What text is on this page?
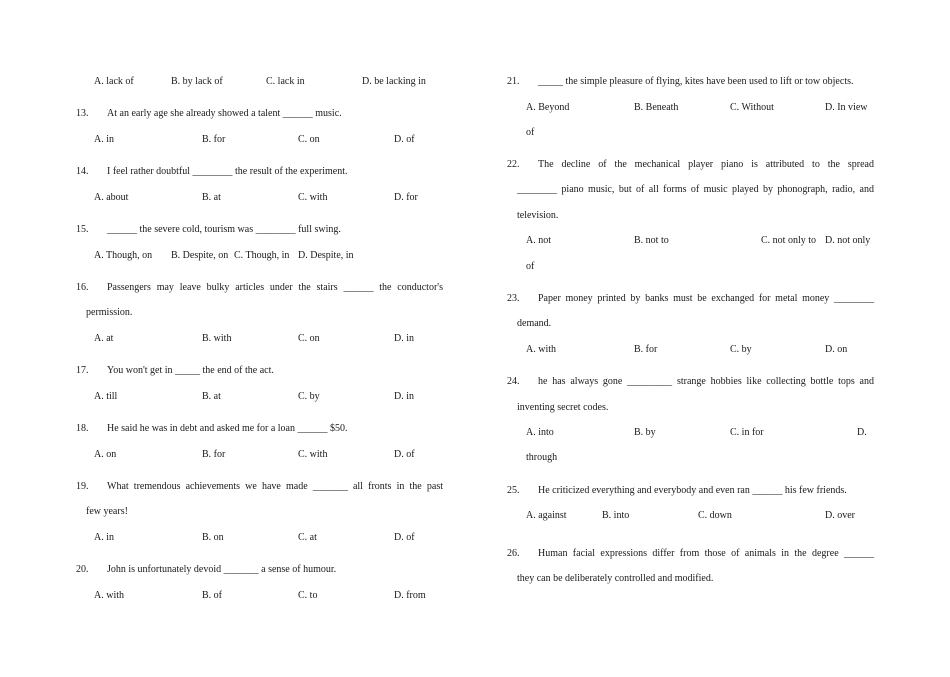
A. lack of	B. by lack of	C. lack in	D. be lacking in
13. At an early age she already showed a talent ______ music.
A. in	B. for	C. on	D. of
14. I feel rather doubtful ________ the result of the experiment.
A. about	B. at	C. with	D. for
15. ______ the severe cold, tourism was ________ full swing.
A. Though, on B. Despite, on C. Though, in D. Despite, in
16. Passengers may leave bulky articles under the stairs ______ the conductor's
permission.
A. at	B. with	C. on	D. in
17. You won't get in _____ the end of the act.
A. till	B. at	C. by	D. in
18. He said he was in debt and asked me for a loan ______ $50.
A. on	B. for	C. with	D. of
19. What tremendous achievements we have made _______ all fronts in the past
few years!
A. in	B. on	C. at	D. of
20. John is unfortunately devoid _______ a sense of humour.
A. with	B. of	C. to	D. from
21. _____ the simple pleasure of flying, kites have been used to lift or tow objects.
A. Beyond	B. Beneath	C. Without	D. In view
of
22. The decline of the mechanical player piano is attributed to the spread
________ piano music, but of all forms of music played by phonograph, radio, and
television.
A. not	B. not to	C. not only to D. not only
of
23. Paper money printed by banks must be exchanged for metal money ________
demand.
A. with	B. for	C. by	D. on
24. he has always gone _________ strange hobbies like collecting bottle tops and
inventing secret codes.
A. into	B. by	C. in for	D.
through
25. He criticized everything and everybody and even ran ______ his few friends.
A. against	B. into	C. down	D. over
26. Human facial expressions differ from those of animals in the degree ______
they can be deliberately controlled and modified.
